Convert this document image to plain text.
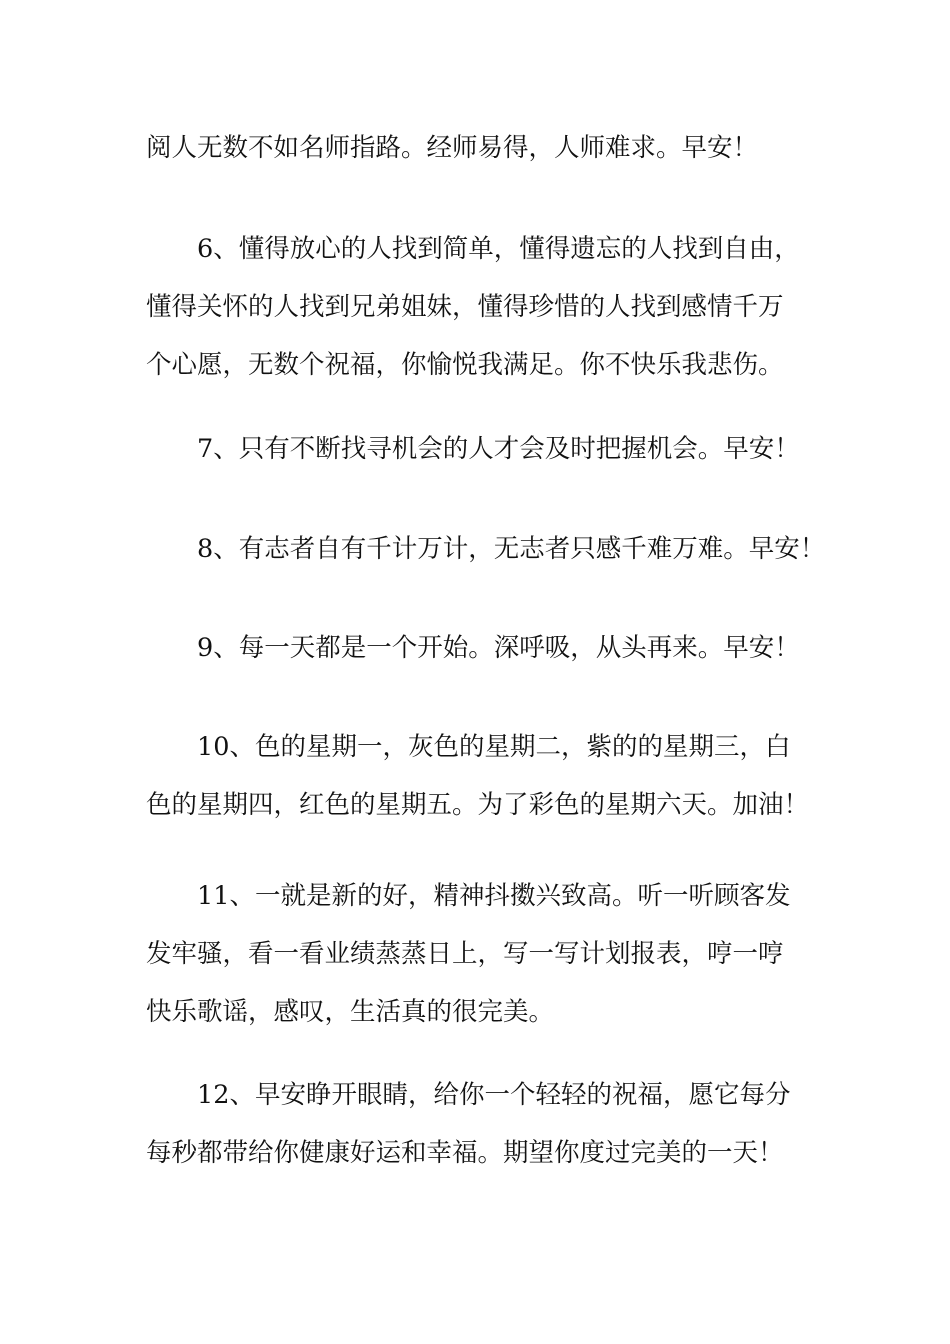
阅人无数不如名师指路。经师易得，人师难求。早安！

6、懂得放心的人找到简单，懂得遗忘的人找到自由，
懂得关怀的人找到兄弟姐妹，懂得珍惜的人找到感情千万
个心愿，无数个祝福，你愉悦我满足。你不快乐我悲伤。

7、只有不断找寻机会的人才会及时把握机会。早安！

8、有志者自有千计万计，无志者只感千难万难。早安！

9、每一天都是一个开始。深呼吸，从头再来。早安！

10、色的星期一，灰色的星期二，紫的的星期三，白
色的星期四，红色的星期五。为了彩色的星期六天。加油！

11、一就是新的好，精神抖擞兴致高。听一听顾客发
发牢骚，看一看业绩蒸蒸日上，写一写计划报表，哼一哼
快乐歌谣，感叹，生活真的很完美。

12、早安睁开眼睛，给你一个轻轻的祝福，愿它每分
每秒都带给你健康好运和幸福。期望你度过完美的一天！
